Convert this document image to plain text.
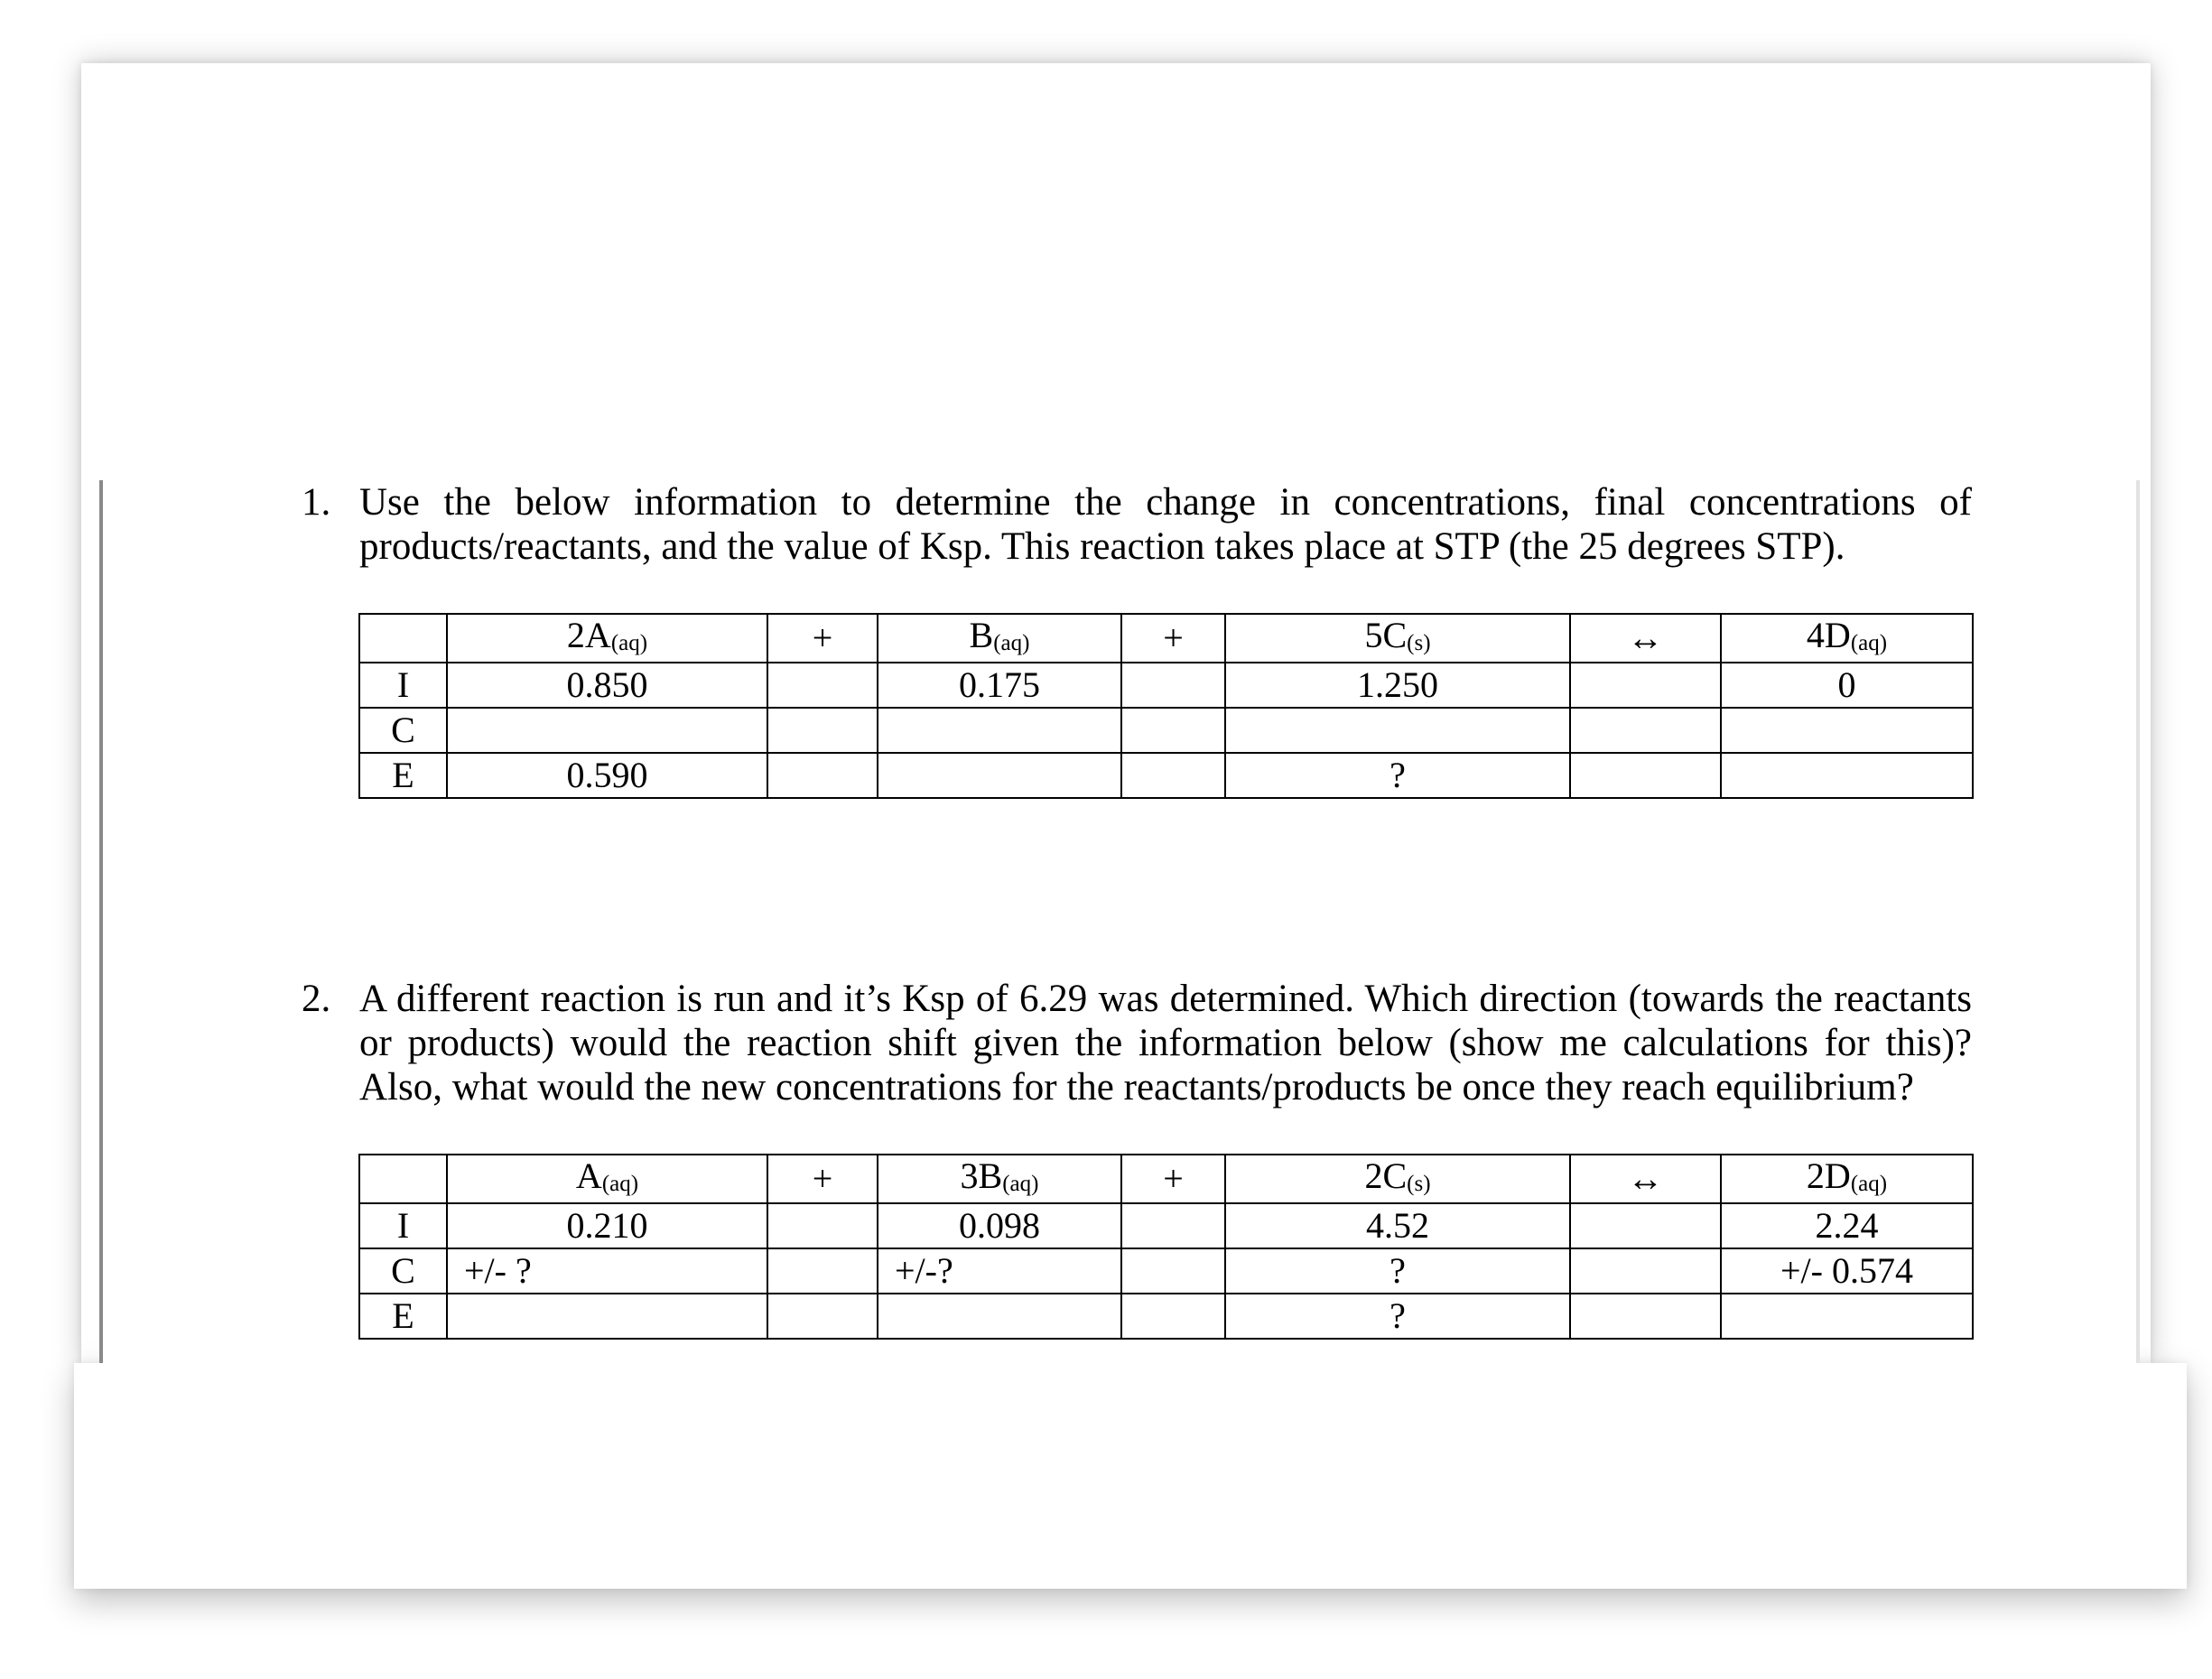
1. Use the below information to determine the change in concentrations, final concentrations of products/reactants, and the value of Ksp. This reaction takes place at STP (the 25 degrees STP).
	2A(aq)	+	B(aq)	+	5C(s)	↔	4D(aq)
I	0.850		0.175		1.250		0
C							
E	0.590				?		
2. A different reaction is run and it’s Ksp of 6.29 was determined. Which direction (towards the reactants or products) would the reaction shift given the information below (show me calculations for this)? Also, what would the new concentrations for the reactants/products be once they reach equilibrium?
	A(aq)	+	3B(aq)	+	2C(s)	↔	2D(aq)
I	0.210		0.098		4.52		2.24
C	+/- ?		+/-?		?		+/- 0.574
E					?		
